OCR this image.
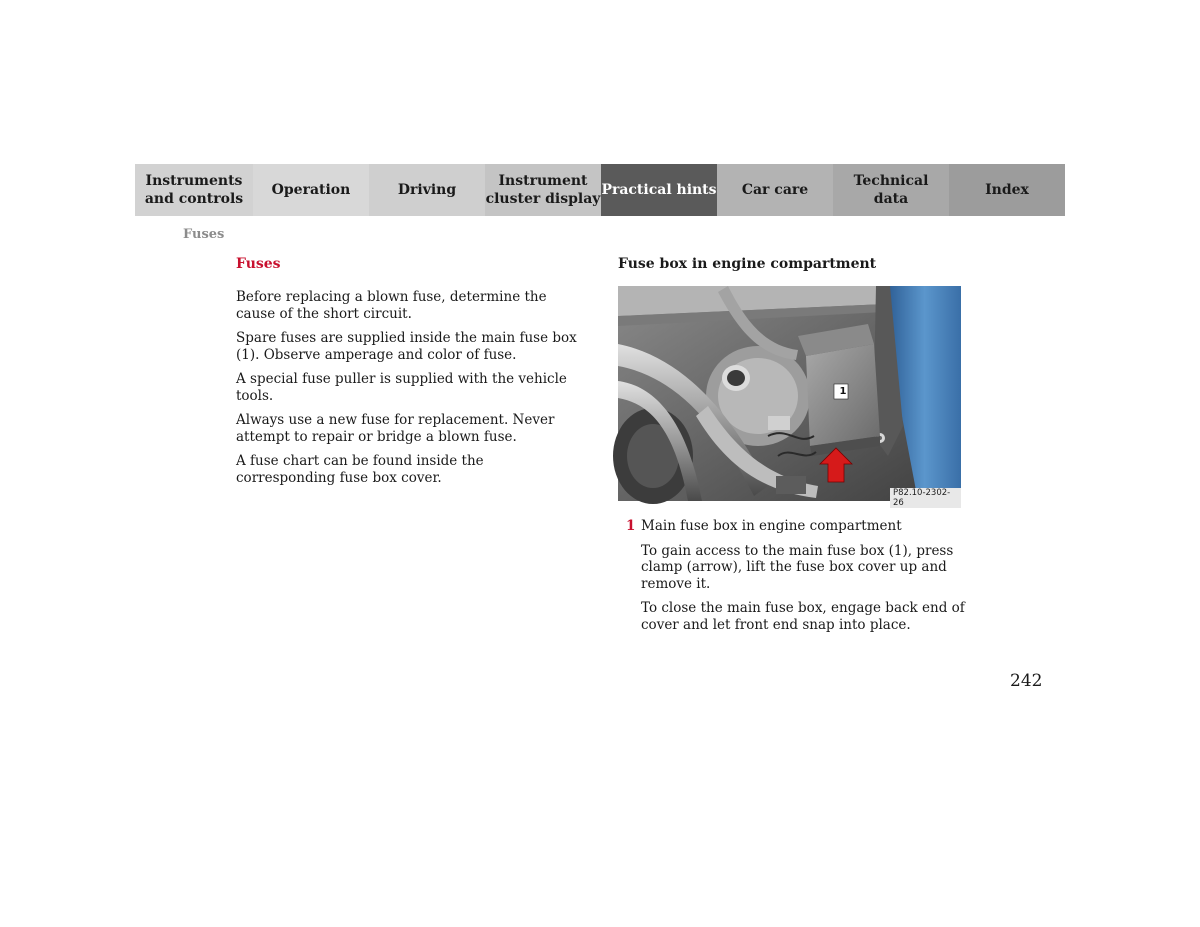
Instruments
and controls
Operation	Driving
Instrument
cluster display
Practical hints Car care
Technical
data
Index
Fuses
Fuses

Before replacing a blown fuse, determine the cause of the short circuit.

Spare fuses are supplied inside the main fuse box (1). Observe amperage and color of fuse.

A special fuse puller is supplied with the vehicle tools.

Always use a new fuse for replacement. Never attempt to repair or bridge a blown fuse.

A fuse chart can be found inside the corresponding fuse box cover.

Fuse box in engine compartment
1
P82.10-2302-26
1 Main fuse box in engine compartment

To gain access to the main fuse box (1), press clamp (arrow), lift the fuse box cover up and remove it.

To close the main fuse box, engage back end of cover and let front end snap into place.

242
